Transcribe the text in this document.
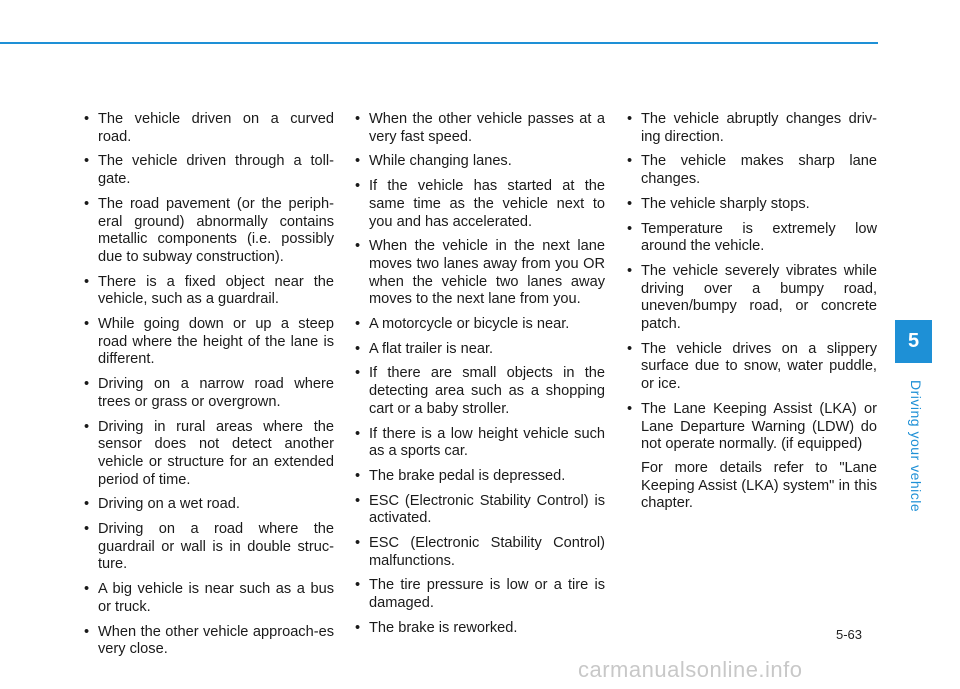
• The vehicle driven on a curved road.
• The vehicle driven through a toll-gate.
• The road pavement (or the periph-eral ground) abnormally contains metallic components (i.e. possibly due to subway construction).
• There is a fixed object near the vehicle, such as a guardrail.
• While going down or up a steep road where the height of the lane is different.
• Driving on a narrow road where trees or grass or overgrown.
• Driving in rural areas where the sensor does not detect another vehicle or structure for an extended period of time.
• Driving on a wet road.
• Driving on a road where the guardrail or wall is in double struc-ture.
• A big vehicle is near such as a bus or truck.
• When the other vehicle approach-es very close.
• When the other vehicle passes at a very fast speed.
• While changing lanes.
• If the vehicle has started at the same time as the vehicle next to you and has accelerated.
• When the vehicle in the next lane moves two lanes away from you OR when the vehicle two lanes away moves to the next lane from you.
• A motorcycle or bicycle is near.
• A flat trailer is near.
• If there are small objects in the detecting area such as a shopping cart or a baby stroller.
• If there is a low height vehicle such as a sports car.
• The brake pedal is depressed.
• ESC (Electronic Stability Control) is activated.
• ESC (Electronic Stability Control) malfunctions.
• The tire pressure is low or a tire is damaged.
• The brake is reworked.
• The vehicle abruptly changes driv-ing direction.
• The vehicle makes sharp lane changes.
• The vehicle sharply stops.
• Temperature is extremely low around the vehicle.
• The vehicle severely vibrates while driving over a bumpy road, uneven/bumpy road, or concrete patch.
• The vehicle drives on a slippery surface due to snow, water puddle, or ice.
• The Lane Keeping Assist (LKA) or Lane Departure Warning (LDW) do not operate normally. (if equipped)
For more details refer to "Lane Keeping Assist (LKA) system" in this chapter.
5
Driving your vehicle
5-63
carmanualsonline.info
